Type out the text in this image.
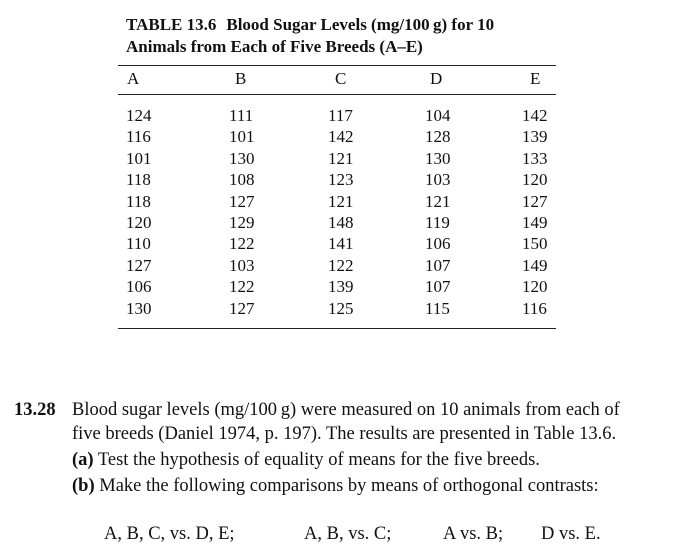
TABLE 13.6 Blood Sugar Levels (mg/100 g) for 10
Animals from Each of Five Breeds (A–E)
A	B	C	D	E
124	111	117	104	142
116	101	142	128	139
101	130	121	130	133
118	108	123	103	120
118	127	121	121	127
120	129	148	119	149
110	122	141	106	150
127	103	122	107	149
106	122	139	107	120
130	127	125	115	116
13.28 Blood sugar levels (mg/100 g) were measured on 10 animals from each of
five breeds (Daniel 1974, p. 197). The results are presented in Table 13.6.
(a) Test the hypothesis of equality of means for the five breeds.
(b) Make the following comparisons by means of orthogonal contrasts:
A, B, C, vs. D, E;	A, B, vs. C;	A vs. B; D vs. E.
